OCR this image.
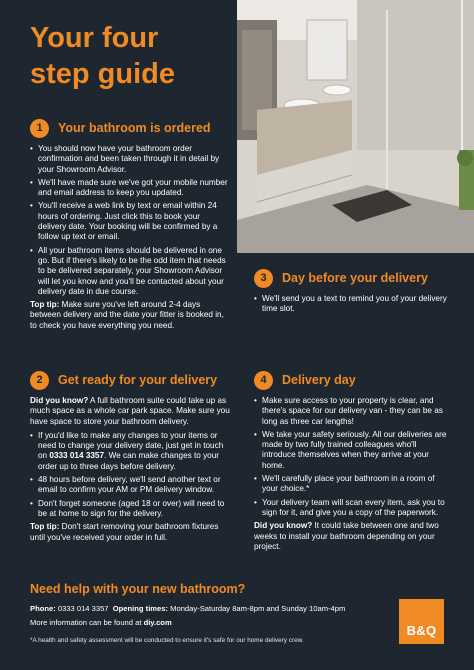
Your four
step guide
1	Your bathroom is ordered
• You should now have your bathroom order confirmation and been taken through it in detail by your Showroom Advisor.
• We'll have made sure we've got your mobile number and email address to keep you updated.
• You'll receive a web link by text or email within 24 hours of ordering. Just click this to book your delivery date. Your booking will be confirmed by a follow up text or email.
• All your bathroom items should be delivered in one go. But if there's likely to be the odd item that needs to be delivered separately, your Showroom Advisor will let you know and you'll be contacted about your delivery date in due course.

Top tip: Make sure you've left around 2-4 days between delivery and the date your fitter is booked in, to check you have everything you need.

2	Get ready for your delivery

Did you know? A full bathroom suite could take up as much space as a whole car park space. Make sure you have space to store your bathroom delivery.

• If you'd like to make any changes to your items or need to change your delivery date, just get in touch on 0333 014 3357. We can make changes to your order up to three days before delivery.
• 48 hours before delivery, we'll send another text or email to confirm your AM or PM delivery window.
• Don't forget someone (aged 18 or over) will need to be at home to sign for the delivery.

Top tip: Don't start removing your bathroom fixtures until you've received your order in full.

3	Day before your delivery
• We'll send you a text to remind you of your delivery time slot.
4	Delivery day
• Make sure access to your property is clear, and there's space for our delivery van - they can be as long as three car lengths!
• We take your safety seriously. All our deliveries are made by two fully trained colleagues who'll introduce themselves when they arrive at your home.
• We'll carefully place your bathroom in a room of your choice.*
• Your delivery team will scan every item, ask you to sign for it, and give you a copy of the paperwork.

Did you know? It could take between one and two weeks to install your bathroom depending on your project.

Need help with your new bathroom?
Phone: 0333 014 3357 Opening times: Monday-Saturday 8am-8pm and Sunday 10am-4pm
More information can be found at diy.com
*A health and safety assessment will be conducted to ensure it's safe for our home delivery crew.
B&Q
